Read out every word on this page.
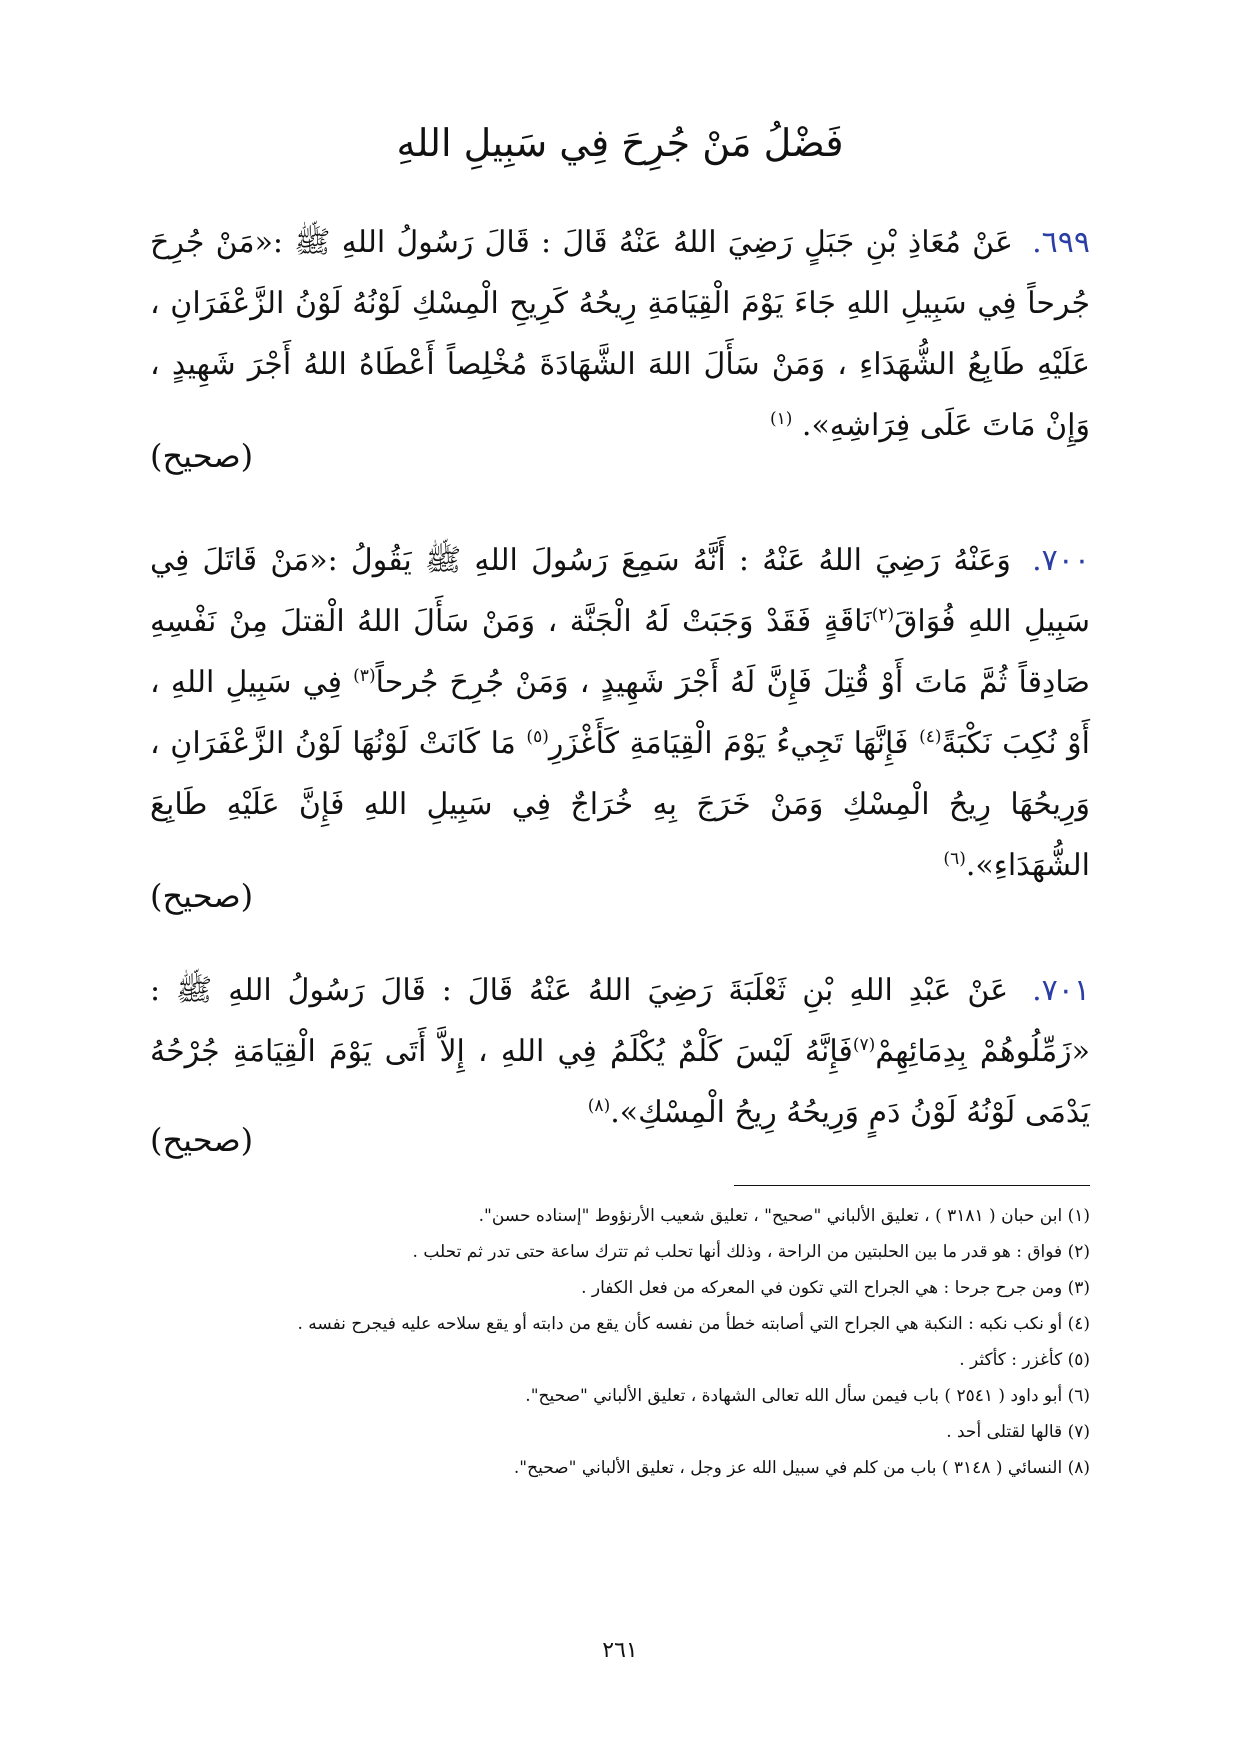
فَضْلُ مَنْ جُرِحَ فِي سَبِيلِ اللهِ
٦٩٩. عَنْ مُعَاذِ بْنِ جَبَلٍ رَضِيَ اللهُ عَنْهُ قَالَ : قَالَ رَسُولُ اللهِ ﷺ :«مَنْ جُرِحَ جُرحاً فِي سَبِيلِ اللهِ جَاءَ يَوْمَ الْقِيَامَةِ رِيحُهُ كَرِيحِ الْمِسْكِ لَوْنُهُ لَوْنُ الزَّعْفَرَانِ ، عَلَيْهِ طَابِعُ الشُّهَدَاءِ ، وَمَنْ سَأَلَ اللهَ الشَّهَادَةَ مُخْلِصاً أَعْطَاهُ اللهُ أَجْرَ شَهِيدٍ ، وَإِنْ مَاتَ عَلَى فِرَاشِهِ». $^{(١)}$
(صحيح)
٧٠٠. وَعَنْهُ رَضِيَ اللهُ عَنْهُ : أَنَّهُ سَمِعَ رَسُولَ اللهِ ﷺ يَقُولُ :«مَنْ قَاتَلَ فِي سَبِيلِ اللهِ فُوَاقَ$^{(٢)}$نَاقَةٍ فَقَدْ وَجَبَتْ لَهُ الْجَنَّة ، وَمَنْ سَأَلَ اللهُ الْقتلَ مِنْ نَفْسِهِ صَادِقاً ثُمَّ مَاتَ أَوْ قُتِلَ فَإِنَّ لَهُ أَجْرَ شَهِيدٍ ، وَمَنْ جُرِحَ جُرحاً$^{(٣)}$ فِي سَبِيلِ اللهِ ، أَوْ نُكِبَ نَكْبَةً$^{(٤)}$ فَإِنَّهَا تَجِيءُ يَوْمَ الْقِيَامَةِ كَأَغْزَرِ$^{(٥)}$ مَا كَانَتْ لَوْنُهَا لَوْنُ الزَّعْفَرَانِ ، وَرِيحُهَا رِيحُ الْمِسْكِ وَمَنْ خَرَجَ بِهِ خُرَاجٌ فِي سَبِيلِ اللهِ فَإِنَّ عَلَيْهِ طَابِعَ الشُّهَدَاءِ».$^{(٦)}$
(صحيح)
٧٠١. عَنْ عَبْدِ اللهِ بْنِ ثَعْلَبَةَ رَضِيَ اللهُ عَنْهُ قَالَ : قَالَ رَسُولُ اللهِ ﷺ : «زَمِّلُوهُمْ بِدِمَائِهِمْ$^{(٧)}$فَإِنَّهُ لَيْسَ كَلْمٌ يُكْلَمُ فِي اللهِ ، إِلاَّ أَتَى يَوْمَ الْقِيَامَةِ جُرْحُهُ يَدْمَى لَوْنُهُ لَوْنُ دَمٍ وَرِيحُهُ رِيحُ الْمِسْكِ».$^{(٨)}$
(صحيح)
(١) ابن حبان ( ٣١٨١ ) ، تعليق الألباني "صحيح" ، تعليق شعيب الأرنؤوط "إسناده حسن".
(٢) فواق : هو قدر ما بين الحلبتين من الراحة ، وذلك أنها تحلب ثم تترك ساعة حتى تدر ثم تحلب .
(٣) ومن جرح جرحا : هي الجراح التي تكون في المعركه من فعل الكفار .
(٤) أو نكب نكبه : النكبة هي الجراح التي أصابته خطأ من نفسه كأن يقع من دابته أو يقع سلاحه عليه فيجرح نفسه .
(٥) كأغزر : كأكثر .
(٦) أبو داود ( ٢٥٤١ ) باب فيمن سأل الله تعالى الشهادة ، تعليق الألباني "صحيح".
(٧) قالها لقتلى أحد .
(٨) النسائي ( ٣١٤٨ ) باب من كلم في سبيل الله عز وجل ، تعليق الألباني "صحيح".
٢٦١
